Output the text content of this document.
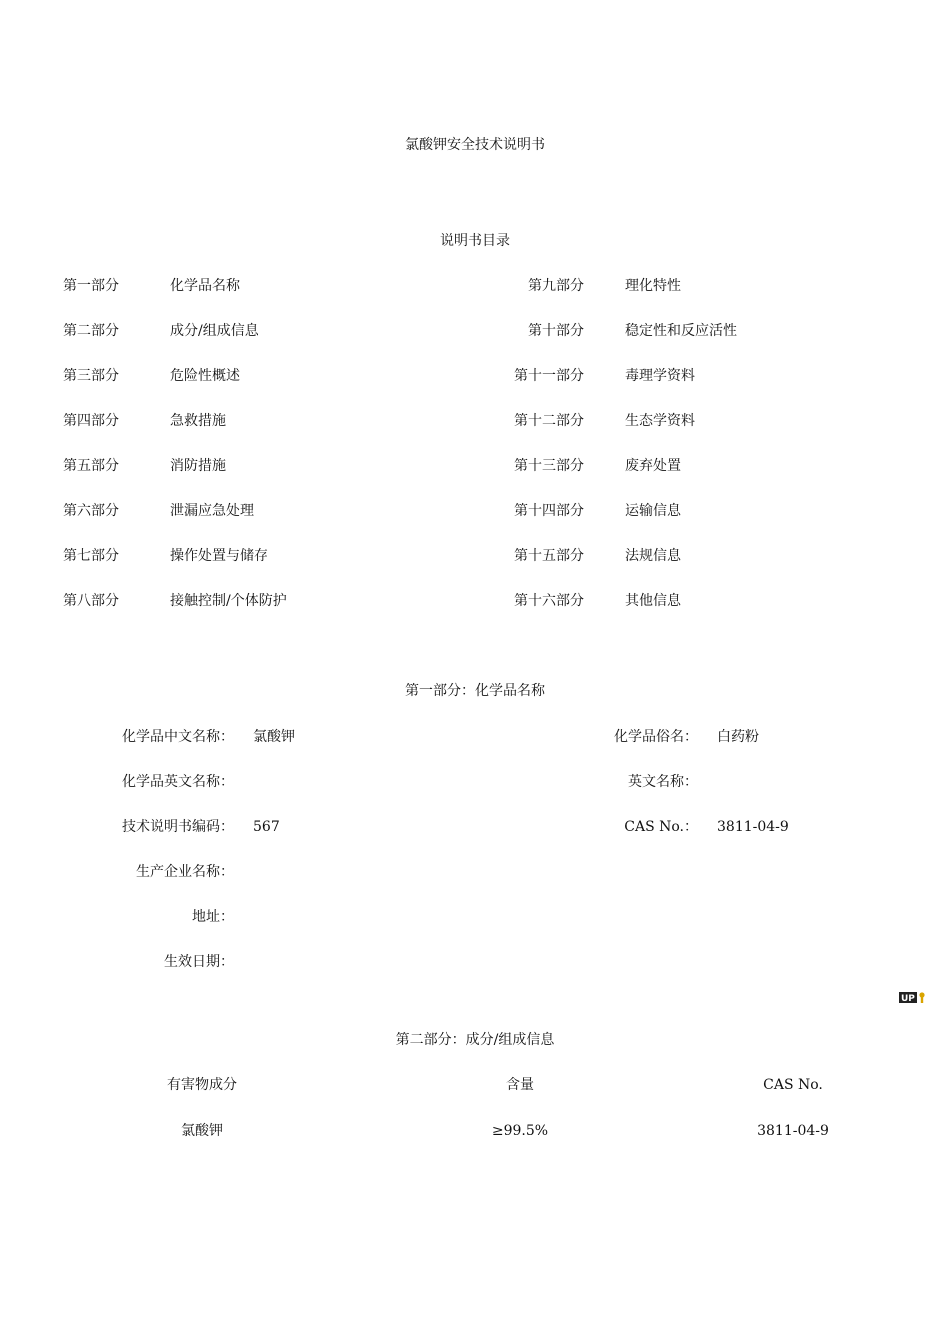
氯酸钾安全技术说明书
说明书目录
第一部分	化学品名称
第二部分	成分/组成信息
第三部分	危险性概述
第四部分	急救措施
第五部分	消防措施
第六部分	泄漏应急处理
第七部分	操作处置与储存
第八部分	接触控制/个体防护
第九部分	理化特性
第十部分	稳定性和反应活性
第十一部分	毒理学资料
第十二部分	生态学资料
第十三部分	废弃处置
第十四部分	运输信息
第十五部分	法规信息
第十六部分	其他信息
第一部分：化学品名称
化学品中文名称： 氯酸钾
化学品英文名称：
技术说明书编码： 567
生产企业名称：
地址：
生效日期：
化学品俗名： 白药粉
英文名称：
CAS No.： 3811-04-9
UP
第二部分：成分/组成信息
有害物成分	含量	CAS No.
氯酸钾	≥99.5%	3811-04-9
